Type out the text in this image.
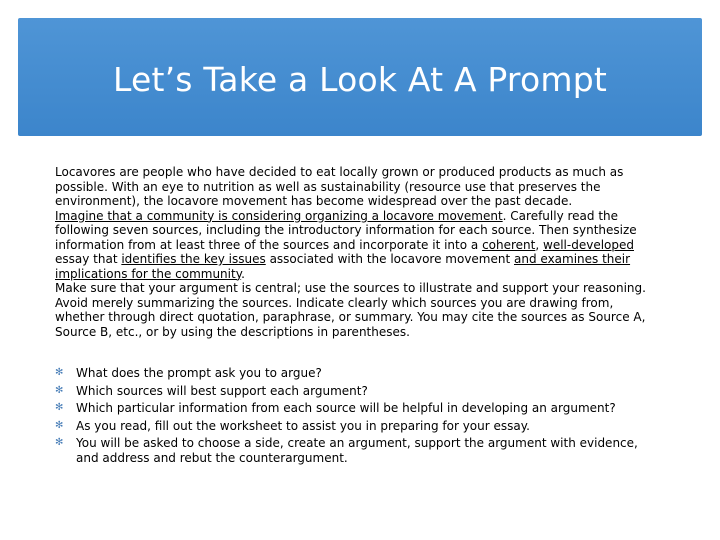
Let’s Take a Look At A Prompt

Locavores are people who have decided to eat locally grown or produced products as much as possible. With an eye to nutrition as well as sustainability (resource use that preserves the environment), the locavore movement has become widespread over the past decade.
Imagine that a community is considering organizing a locavore movement. Carefully read the following seven sources, including the introductory information for each source. Then synthesize information from at least three of the sources and incorporate it into a coherent, well-developed essay that identifies the key issues associated with the locavore movement and examines their implications for the community.
Make sure that your argument is central; use the sources to illustrate and support your reasoning. Avoid merely summarizing the sources. Indicate clearly which sources you are drawing from, whether through direct quotation, paraphrase, or summary. You may cite the sources as Source A, Source B, etc., or by using the descriptions in parentheses.

✻ What does the prompt ask you to argue?
✻ Which sources will best support each argument?
✻ Which particular information from each source will be helpful in developing an argument?
✻ As you read, fill out the worksheet to assist you in preparing for your essay.
✻ You will be asked to choose a side, create an argument, support the argument with evidence, and address and rebut the counterargument.
